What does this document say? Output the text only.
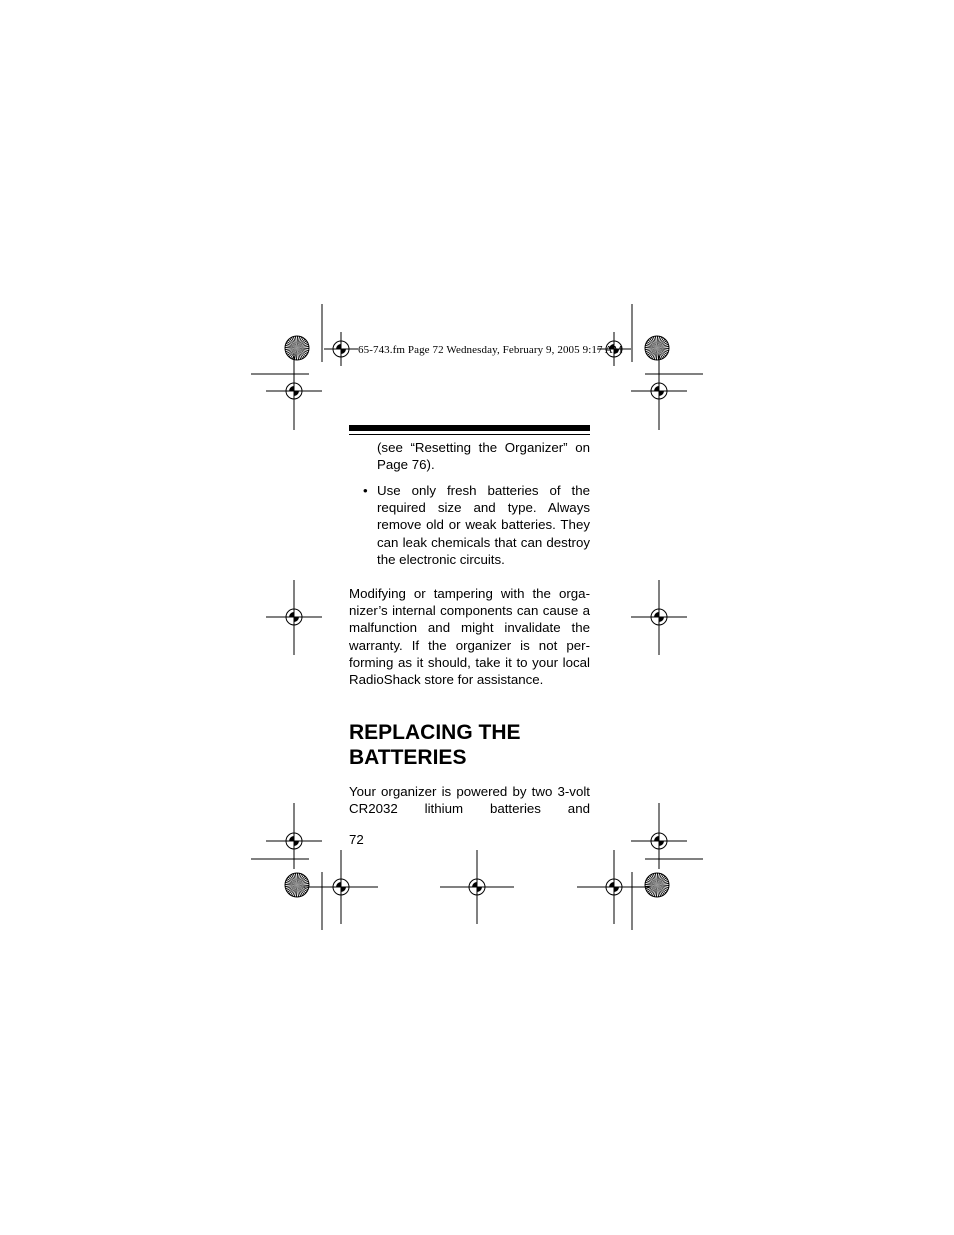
65-743.fm Page 72 Wednesday, February 9, 2005 9:17 AM
(see “Resetting the Organizer” on Page 76).
• Use only fresh batteries of the required size and type. Always remove old or weak batteries. They can leak chemicals that can destroy the electronic circuits.
Modifying or tampering with the organizer’s internal components can cause a malfunction and might invalidate the warranty. If the organizer is not performing as it should, take it to your local RadioShack store for assistance.
REPLACING THE
BATTERIES
Your organizer is powered by two 3-volt CR2032 lithium batteries and
72
